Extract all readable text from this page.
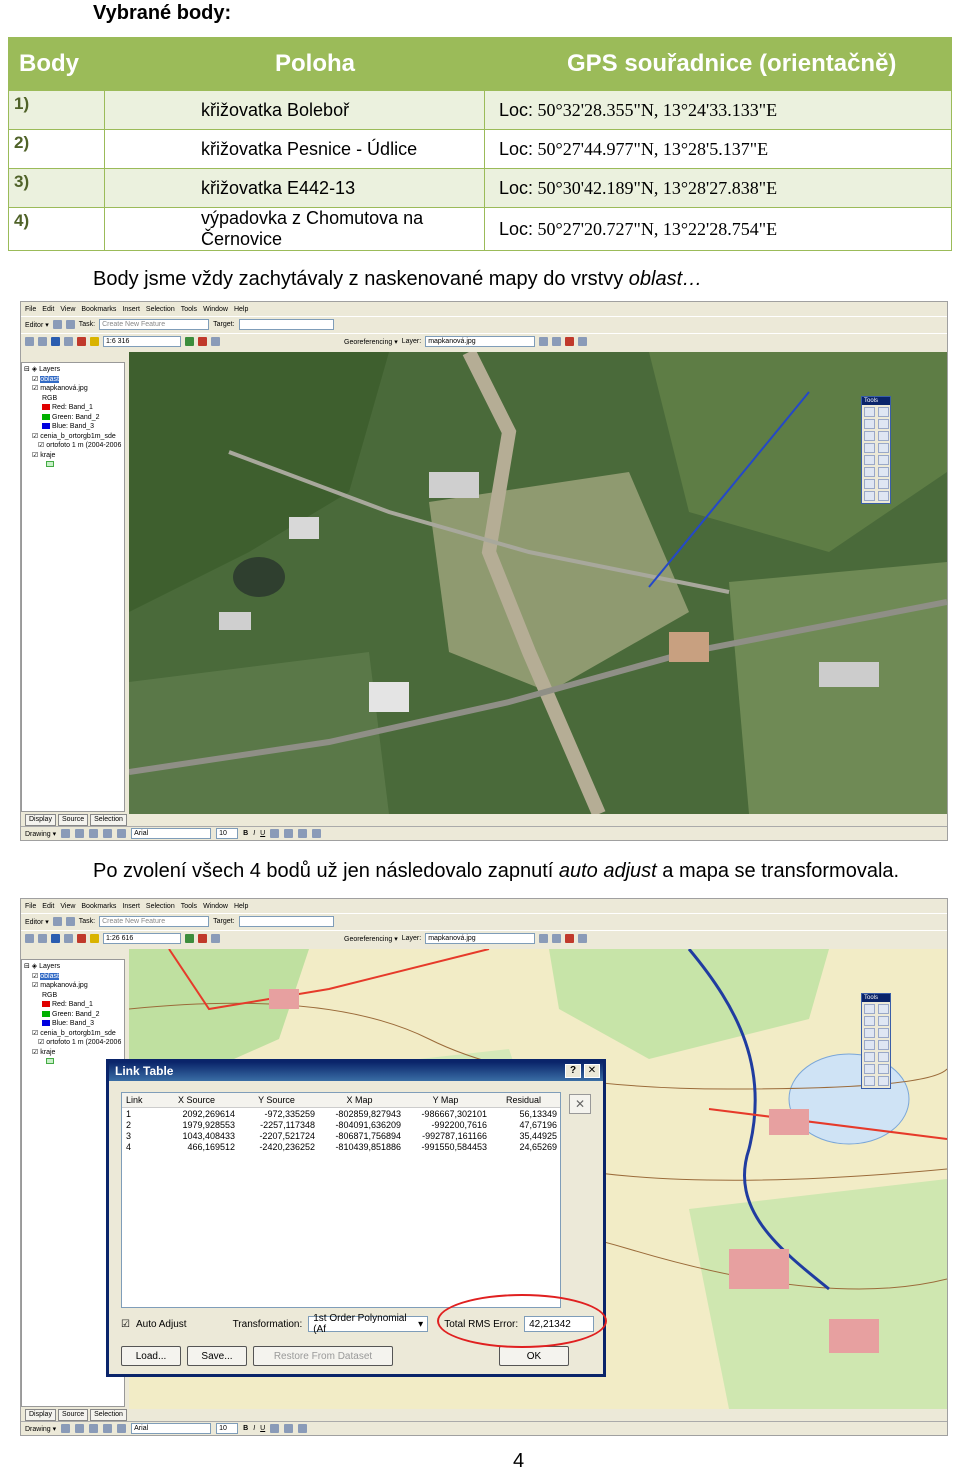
Vybrané body:
Body	Poloha	GPS souřadnice (orientačně)
1)	křižovatka Boleboř	Loc: 50°32'28.355"N, 13°24'33.133"E
2)	křižovatka Pesnice - Údlice	Loc: 50°27'44.977"N, 13°28'5.137"E
3)	křižovatka E442-13	Loc: 50°30'42.189"N, 13°28'27.838"E
4)	výpadovka z Chomutova na Černovice	Loc: 50°27'20.727"N, 13°22'28.754"E
Body jsme vždy zachytávaly z naskenované mapy do vrstvy oblast…
File Edit View Bookmarks Insert Selection Tools Window Help
Editor ▾	Task:	Create New Feature	Target:
1:6 316	Georeferencing ▾ Layer:	mapkanová.jpg
⊟ ◈ Layers
☑ oblast
☑ mapkanová.jpg
RGB
Red: Band_1
Green: Band_2
Blue: Band_3
☑ cenia_b_ortorgb1m_sde
☑ ortofoto 1 m (2004-2006
☑ kraje
Display	Source	Selection
Tools
Drawing ▾	Arial	10	B I U
Po zvolení všech 4 bodů už jen následovalo zapnutí auto adjust a mapa se transformovala.
File Edit View Bookmarks Insert Selection Tools Window Help
Editor ▾	Task:	Create New Feature	Target:
1:26 616	Georeferencing ▾ Layer:	mapkanová.jpg
⊟ ◈ Layers
☑ oblast
☑ mapkanová.jpg
RGB
Red: Band_1
Green: Band_2
Blue: Band_3
☑ cenia_b_ortorgb1m_sde
☑ ortofoto 1 m (2004-2006
☑ kraje
Display	Source	Selection
Tools
Link Table	?	✕
Link	X Source	Y Source	X Map	Y Map	Residual
1	2092,269614	-972,335259	-802859,827943	-986667,302101	56,13349
2	1979,928553	-2257,117348	-804091,636209	-992200,7616	47,67196
3	1043,408433	-2207,521724	-806871,756894	-992787,161166	35,44925
4	466,169512	-2420,236252	-810439,851886	-991550,584453	24,65269
✕
☑ Auto Adjust	Transformation: 1st Order Polynomial (Af	▾	Total RMS Error:	42,21342
Load...	Save...	Restore From Dataset	OK
Drawing ▾	Arial	10	B I U
4
